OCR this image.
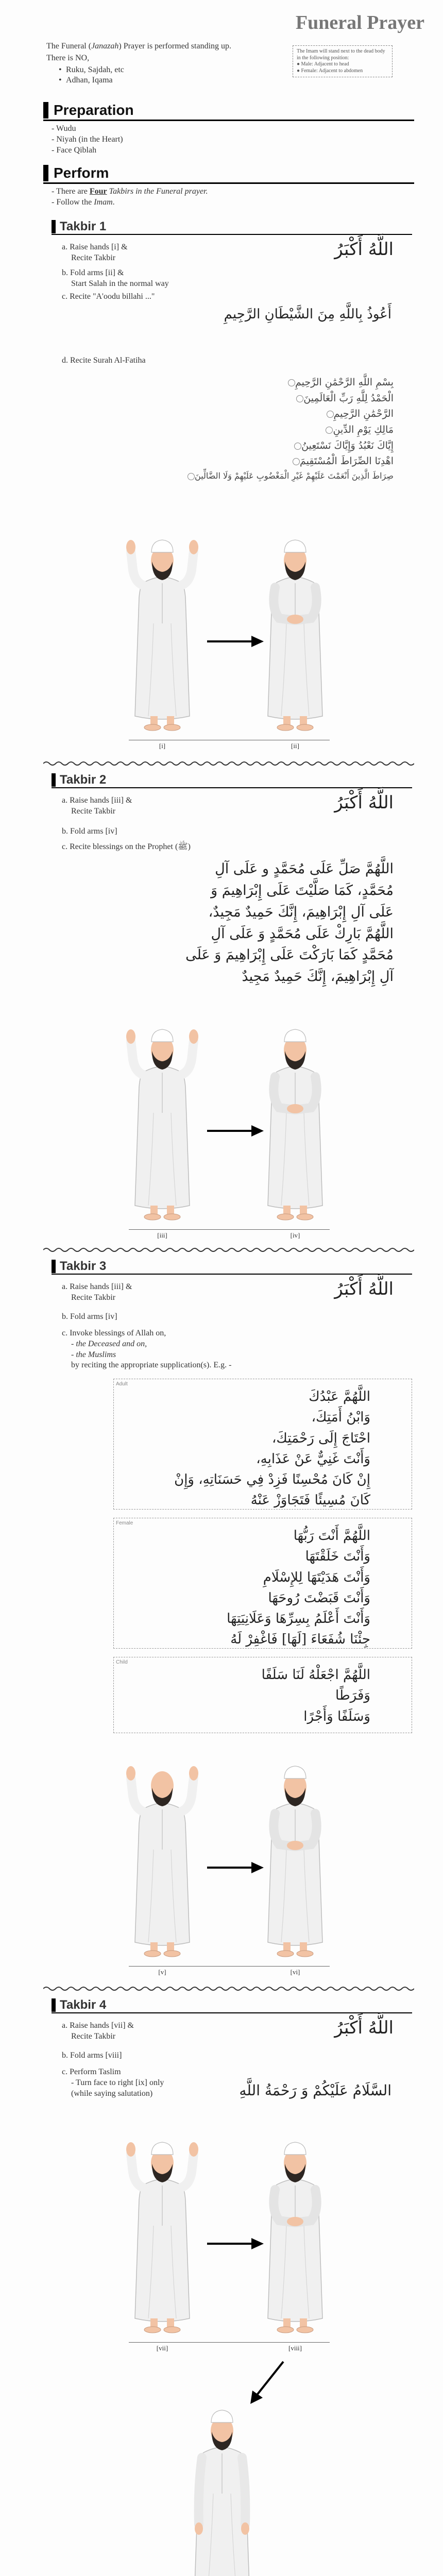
Funeral Prayer

The Funeral (Janazah) Prayer is performed standing up.

There is NO,

• Ruku, Sajdah, etc
• Adhan, Iqama
The Imam will stand next to the dead body
in the following position:
● Male: Adjacent to head
● Female: Adjacent to abdomen
Preparation
- Wudu
- Niyah (in the Heart)
- Face Qiblah
Perform
- There are Four Takbirs in the Funeral prayer.
- Follow the Imam.
Takbir 1
a. Raise hands [i] &
Recite Takbir	اللَّهُ أَكْبَرُ
b. Fold arms [ii] &
Start Salah in the normal way
c. Recite "A'oodu billahi ..."
أَعُوذُ بِاللَّهِ مِنَ الشَّيْطَانِ الرَّجِيمِ
d. Recite Surah Al-Fatiha
بِسْمِ اللَّهِ الرَّحْمَٰنِ الرَّحِيمِ
الْحَمْدُ لِلَّهِ رَبِّ الْعَالَمِينَ
الرَّحْمَٰنِ الرَّحِيمِ
مَالِكِ يَوْمِ الدِّينِ
إِيَّاكَ نَعْبُدُ وَإِيَّاكَ نَسْتَعِينُ
اهْدِنَا الصِّرَاطَ الْمُسْتَقِيمَ
صِرَاطَ الَّذِينَ أَنْعَمْتَ عَلَيْهِمْ غَيْرِ الْمَغْضُوبِ عَلَيْهِمْ وَلَا الضَّالِّينَ
[i]	[ii]
Takbir 2
a. Raise hands [iii] &
Recite Takbir	اللَّهُ أَكْبَرُ
b. Fold arms [iv]
c. Recite blessings on the Prophet (ﷺ)
اللَّهُمَّ صَلِّ عَلَى مُحَمَّدٍ و عَلَى آلِ
مُحَمَّدٍ، كَمَا صَلَّيْتَ عَلَى إِبْرَاهِيمَ وَ
عَلَى آلِ إِبْرَاهِيمَ، إِنَّكَ حَمِيدٌ مَجِيدٌ،
اللَّهُمَّ بَارِكْ عَلَى مُحَمَّدٍ وَ عَلَى آلِ
مُحَمَّدٍ كَمَا بَارَكْتَ عَلَى إِبْرَاهِيمَ وَ عَلَى
آلِ إِبْرَاهِيمَ، إِنَّكَ حَمِيدٌ مَجِيدٌ
[iii]	[iv]
Takbir 3
a. Raise hands [iii] &
Recite Takbir	اللَّهُ أَكْبَرُ
b. Fold arms [iv]
c. Invoke blessings of Allah on,
- the Deceased and on,
- the Muslims
by reciting the appropriate supplication(s). E.g. -
Adult
اللَّهُمَّ عَبْدُكَ
وَابْنُ أَمَتِكَ،
احْتَاجَ إِلَى رَحْمَتِكَ،
وَأَنْتَ غَنِيٌّ عَنْ عَذَابِهِ،
إِنْ كَانَ مُحْسِنًا فَزِدْ فِي حَسَنَاتِهِ، وَإِنْ
كَانَ مُسِيئًا فَتَجَاوَزْ عَنْهُ
Female
اللَّهُمَّ أَنْتَ رَبُّهَا
وَأَنْتَ خَلَقْتَهَا
وَأَنْتَ هَدَيْتَهَا لِلإِسْلَامِ
وَأَنْتَ قَبَضْتَ رُوحَهَا
وَأَنْتَ أَعْلَمُ بِسِرِّهَا وَعَلَانِيَتِهَا
جِئْنَا شُفَعَاءَ [لَهَا] فَاغْفِرْ لَهُ
Child
اللَّهُمَّ اجْعَلْهُ لَنَا سَلَفًا
وَفَرَطًا
وَسَلَفًا وَأَجْرًا
[v]	[vi]
Takbir 4
a. Raise hands [vii] &
Recite Takbir	اللَّهُ أَكْبَرُ
b. Fold arms [viii]
c. Perform Taslim
- Turn face to right [ix] only
(while saying salutation)	السَّلَامُ عَلَيْكُمْ وَ رَحْمَةُ اللَّهِ
[vii]	[viii]
